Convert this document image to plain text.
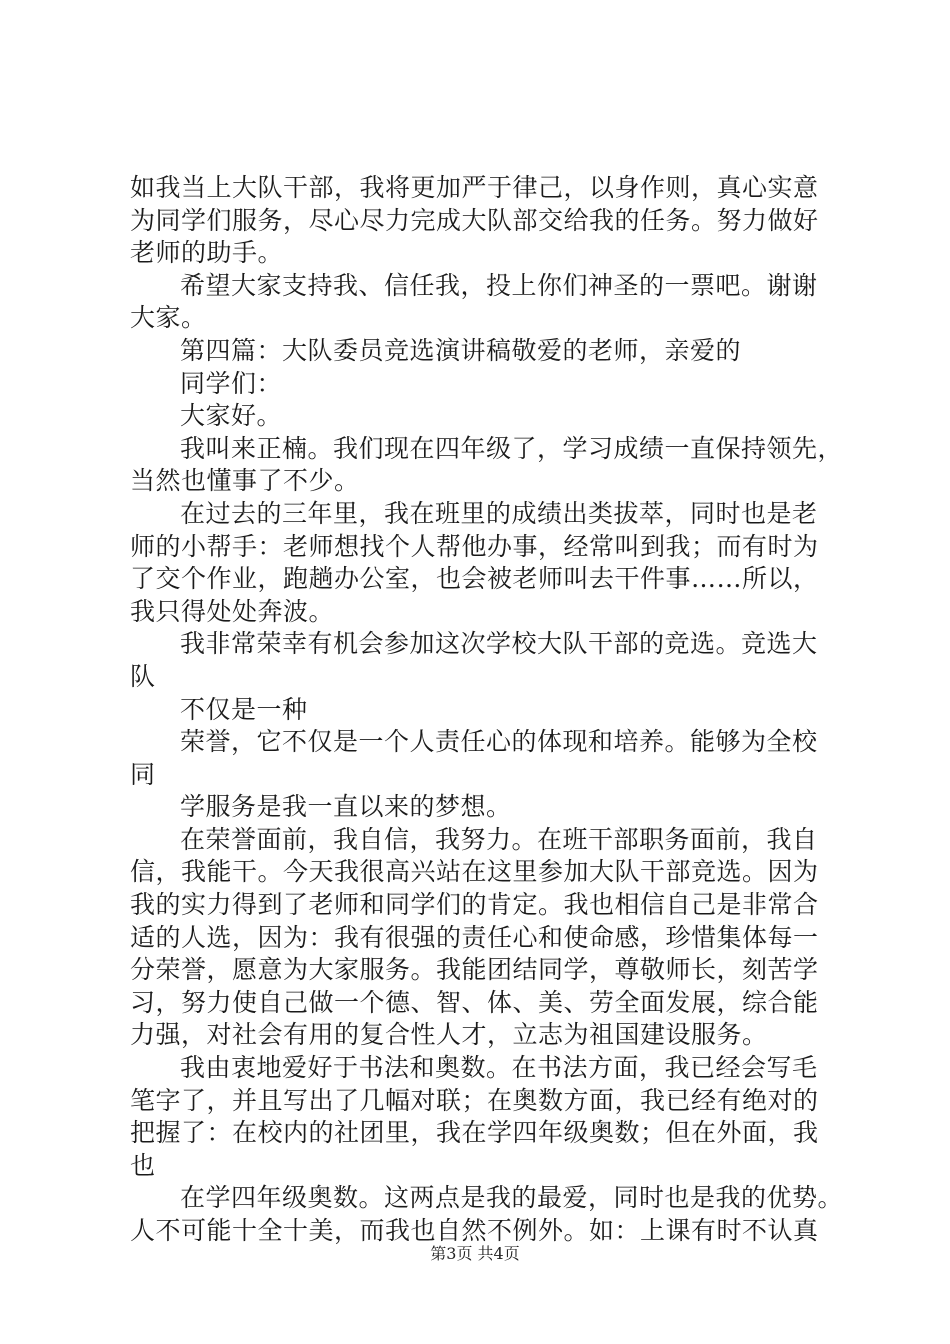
如我当上大队干部，我将更加严于律己，以身作则，真心实意
为同学们服务，尽心尽力完成大队部交给我的任务。努力做好
老师的助手。
希望大家支持我、信任我，投上你们神圣的一票吧。谢谢
大家。
第四篇：大队委员竞选演讲稿敬爱的老师，亲爱的
同学们：
大家好。
我叫来正楠。我们现在四年级了，学习成绩一直保持领先，
当然也懂事了不少。
在过去的三年里，我在班里的成绩出类拔萃，同时也是老
师的小帮手：老师想找个人帮他办事，经常叫到我；而有时为
了交个作业，跑趟办公室，也会被老师叫去干件事……所以，
我只得处处奔波。
我非常荣幸有机会参加这次学校大队干部的竞选。竞选大
队
不仅是一种
荣誉，它不仅是一个人责任心的体现和培养。能够为全校
同
学服务是我一直以来的梦想。
在荣誉面前，我自信，我努力。在班干部职务面前，我自
信，我能干。今天我很高兴站在这里参加大队干部竞选。因为
我的实力得到了老师和同学们的肯定。我也相信自己是非常合
适的人选，因为：我有很强的责任心和使命感，珍惜集体每一
分荣誉，愿意为大家服务。我能团结同学，尊敬师长，刻苦学
习，努力使自己做一个德、智、体、美、劳全面发展，综合能
力强，对社会有用的复合性人才，立志为祖国建设服务。
我由衷地爱好于书法和奥数。在书法方面，我已经会写毛
笔字了，并且写出了几幅对联；在奥数方面，我已经有绝对的
把握了：在校内的社团里，我在学四年级奥数；但在外面，我
也
在学四年级奥数。这两点是我的最爱，同时也是我的优势。
人不可能十全十美，而我也自然不例外。如：上课有时不认真
第3页 共4页
